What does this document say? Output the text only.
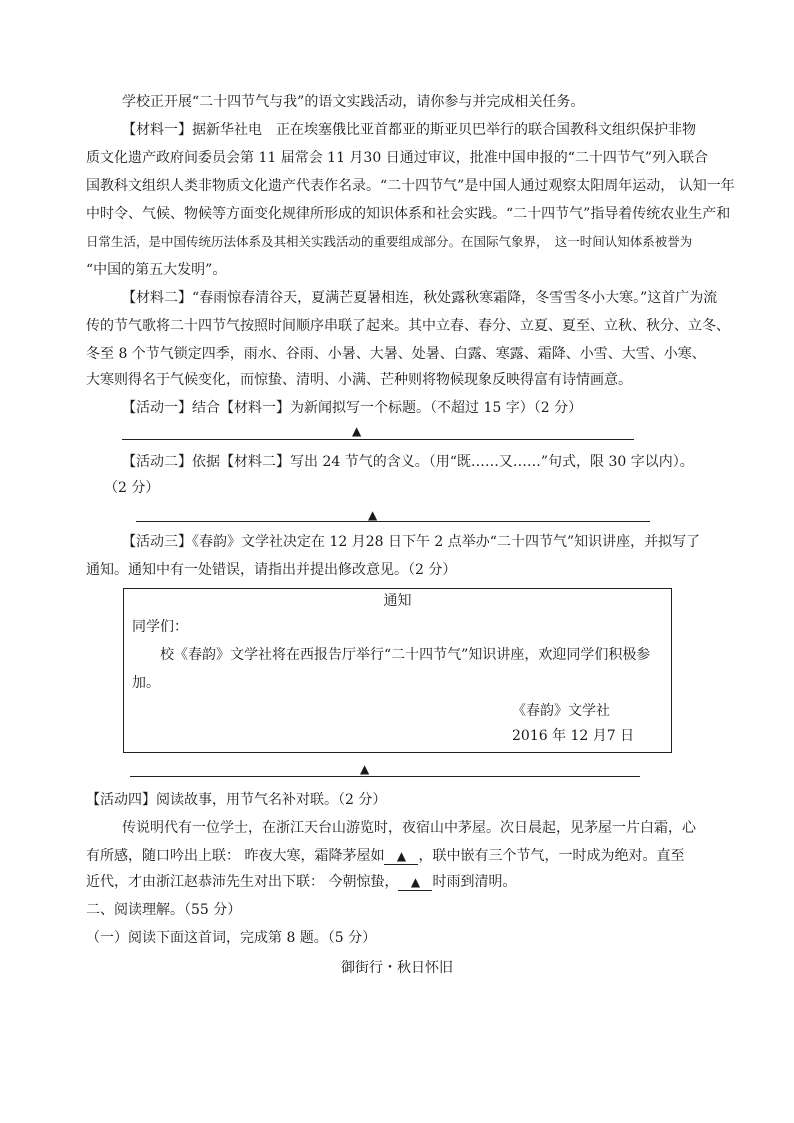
学校正开展“二十四节气与我”的语文实践活动，请你参与并完成相关任务。
【材料一】据新华社电　正在埃塞俄比亚首都亚的斯亚贝巴举行的联合国教科文组织保护非物
质文化遗产政府间委员会第 11 届常会 11 月30 日通过审议，批准中国申报的“二十四节气”列入联合
国教科文组织人类非物质文化遗产代表作名录。“二十四节气”是中国人通过观察太阳周年运动， 认知一年
中时令、气候、物候等方面变化规律所形成的知识体系和社会实践。“二十四节气”指导着传统农业生产和
日常生活，是中国传统历法体系及其相关实践活动的重要组成部分。在国际气象界，　这一时间认知体系被誉为
“中国的第五大发明”。
【材料二】“春雨惊春清谷天，夏满芒夏暑相连，秋处露秋寒霜降，冬雪雪冬小大寒。”这首广为流
传的节气歌将二十四节气按照时间顺序串联了起来。其中立春、春分、立夏、夏至、立秋、秋分、立冬、
冬至 8 个节气锁定四季，雨水、谷雨、小暑、大暑、处暑、白露、寒露、霜降、小雪、大雪、小寒、
大寒则得名于气候变化，而惊蛰、清明、小满、芒种则将物候现象反映得富有诗情画意。
【活动一】结合【材料一】为新闻拟写一个标题。（不超过 15 字）（2 分）
▲
【活动二】依据【材料二】写出 24 节气的含义。（用“既……又……”句式，限 30 字以内）。
（2 分）
▲
【活动三】《春韵》文学社决定在 12 月28 日下午 2 点举办“二十四节气”知识讲座，并拟写了
通知。通知中有一处错误，请指出并提出修改意见。（2 分）
通知
同学们：
校《春韵》文学社将在西报告厅举行“二十四节气”知识讲座，欢迎同学们积极参
加。
《春韵》文学社
2016 年 12 月7 日
▲
【活动四】阅读故事，用节气名补对联。（2 分）
传说明代有一位学士，在浙江天台山游览时，夜宿山中茅屋。次日晨起，见茅屋一片白霜，心
有所感，随口吟出上联： 昨夜大寒，霜降茅屋如 ▲ ，联中嵌有三个节气，一时成为绝对。直至
近代，才由浙江赵恭沛先生对出下联： 今朝惊蛰， ▲ 时雨到清明。
二、阅读理解。（55 分）
（一）阅读下面这首词，完成第 8 题。（5 分）
御街行・秋日怀旧
